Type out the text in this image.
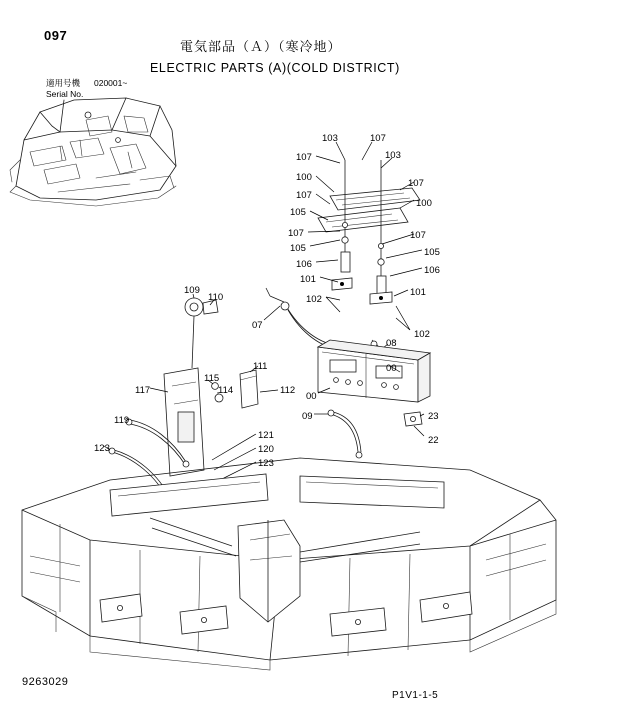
097
電気部品（Ａ）（寒冷地）
ELECTRIC PARTS (A)(COLD DISTRICT)
適用号機
Serial No.
020001~
9263029
P1V1-1-5
103	107
107	103
100
107
107
100
105
107	107
105	105
106
106
101
101
102
102
07
08
00
00
09	23
22
109
110
111
112
114
115
117
119
121
120
123
123
